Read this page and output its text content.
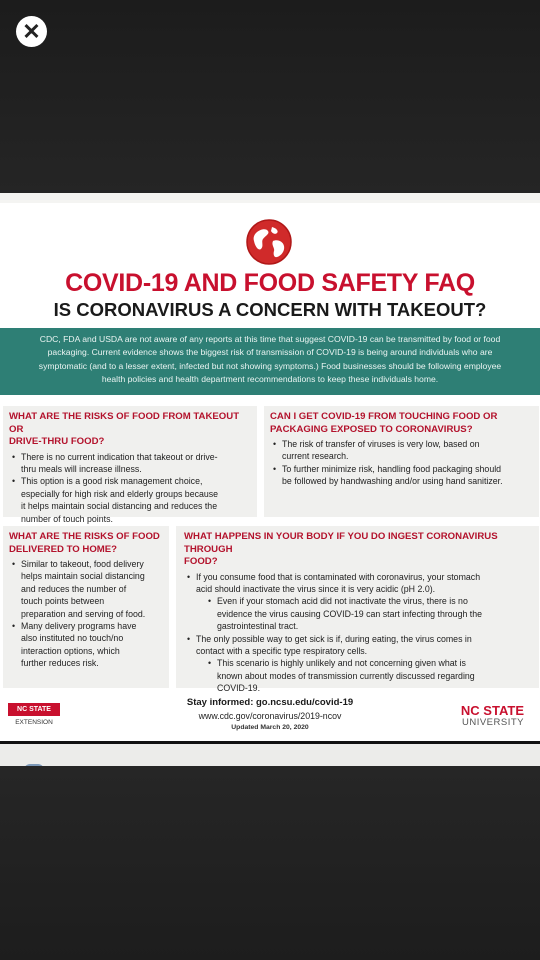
✕
COVID-19 AND FOOD SAFETY FAQ
IS CORONAVIRUS A CONCERN WITH TAKEOUT?
CDC, FDA and USDA are not aware of any reports at this time that suggest COVID-19 can be transmitted by food or food
packaging. Current evidence shows the biggest risk of transmission of COVID-19 is being around individuals who are
symptomatic (and to a lesser extent, infected but not showing symptoms.) Food businesses should be following employee
health policies and health department recommendations to keep these individuals home.
WHAT ARE THE RISKS OF FOOD FROM TAKEOUT OR
DRIVE-THRU FOOD?
• There is no current indication that takeout or drive-
thru meals will increase illness.
• This option is a good risk management choice,
especially for high risk and elderly groups because
it helps maintain social distancing and reduces the
number of touch points.
CAN I GET COVID-19 FROM TOUCHING FOOD OR
PACKAGING EXPOSED TO CORONAVIRUS?
• The risk of transfer of viruses is very low, based on
current research.
• To further minimize risk, handling food packaging should
be followed by handwashing and/or using hand sanitizer.
WHAT ARE THE RISKS OF FOOD
DELIVERED TO HOME?
• Similar to takeout, food delivery
helps maintain social distancing
and reduces the number of
touch points between
preparation and serving of food.
• Many delivery programs have
also instituted no touch/no
interaction options, which
further reduces risk.
WHAT HAPPENS IN YOUR BODY IF YOU DO INGEST CORONAVIRUS THROUGH
FOOD?
• If you consume food that is contaminated with coronavirus, your stomach
acid should inactivate the virus since it is very acidic (pH 2.0).
• Even if your stomach acid did not inactivate the virus, there is no
evidence the virus causing COVID-19 can start infecting through the
gastrointestinal tract.
• The only possible way to get sick is if, during eating, the virus comes in
contact with a specific type respiratory cells.
• This scenario is highly unlikely and not concerning given what is
known about modes of transmission currently discussed regarding
COVID-19.
NC STATE
EXTENSION
Stay informed: go.ncsu.edu/covid-19
www.cdc.gov/coronavirus/2019-ncov
Updated March 20, 2020
NC STATE
UNIVERSITY
